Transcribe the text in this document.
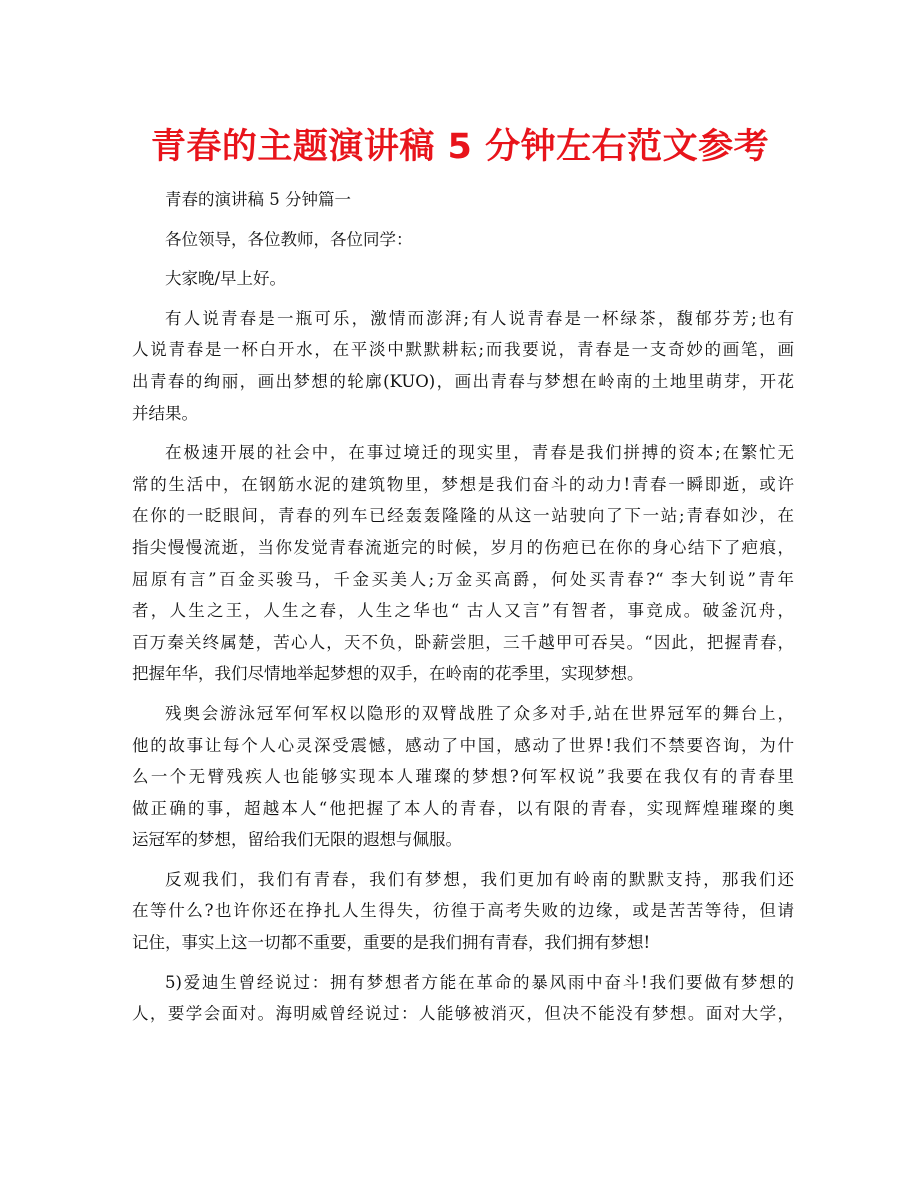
青春的主题演讲稿 5 分钟左右范文参考
青春的演讲稿 5 分钟篇一
各位领导，各位教师，各位同学：
大家晚/早上好。
有人说青春是一瓶可乐，激情而澎湃;有人说青春是一杯绿茶，馥郁芬芳;也有
人说青春是一杯白开水，在平淡中默默耕耘;而我要说，青春是一支奇妙的画笔，画
出青春的绚丽，画出梦想的轮廓(KUO)，画出青春与梦想在岭南的土地里萌芽，开花
并结果。
在极速开展的社会中，在事过境迁的现实里，青春是我们拼搏的资本;在繁忙无
常的生活中，在钢筋水泥的建筑物里，梦想是我们奋斗的动力!青春一瞬即逝，或许
在你的一眨眼间，青春的列车已经轰轰隆隆的从这一站驶向了下一站;青春如沙，在
指尖慢慢流逝，当你发觉青春流逝完的时候，岁月的伤疤已在你的身心结下了疤痕，
屈原有言”百金买骏马，千金买美人;万金买高爵，何处买青春?“ 李大钊说”青年
者，人生之王，人生之春，人生之华也“ 古人又言”有智者，事竞成。破釜沉舟，
百万秦关终属楚，苦心人，天不负，卧薪尝胆，三千越甲可吞吴。“因此，把握青春，
把握年华，我们尽情地举起梦想的双手，在岭南的花季里，实现梦想。
残奥会游泳冠军何军权以隐形的双臂战胜了众多对手,站在世界冠军的舞台上，
他的故事让每个人心灵深受震憾，感动了中国，感动了世界!我们不禁要咨询，为什
么一个无臂残疾人也能够实现本人璀璨的梦想?何军权说”我要在我仅有的青春里
做正确的事，超越本人“他把握了本人的青春，以有限的青春，实现辉煌璀璨的奥
运冠军的梦想，留给我们无限的遐想与佩服。
反观我们，我们有青春，我们有梦想，我们更加有岭南的默默支持，那我们还
在等什么?也许你还在挣扎人生得失，彷徨于高考失败的边缘，或是苦苦等待，但请
记住，事实上这一切都不重要，重要的是我们拥有青春，我们拥有梦想!
5)爱迪生曾经说过：拥有梦想者方能在革命的暴风雨中奋斗!我们要做有梦想的
人，要学会面对。海明威曾经说过：人能够被消灭，但决不能没有梦想。面对大学，
